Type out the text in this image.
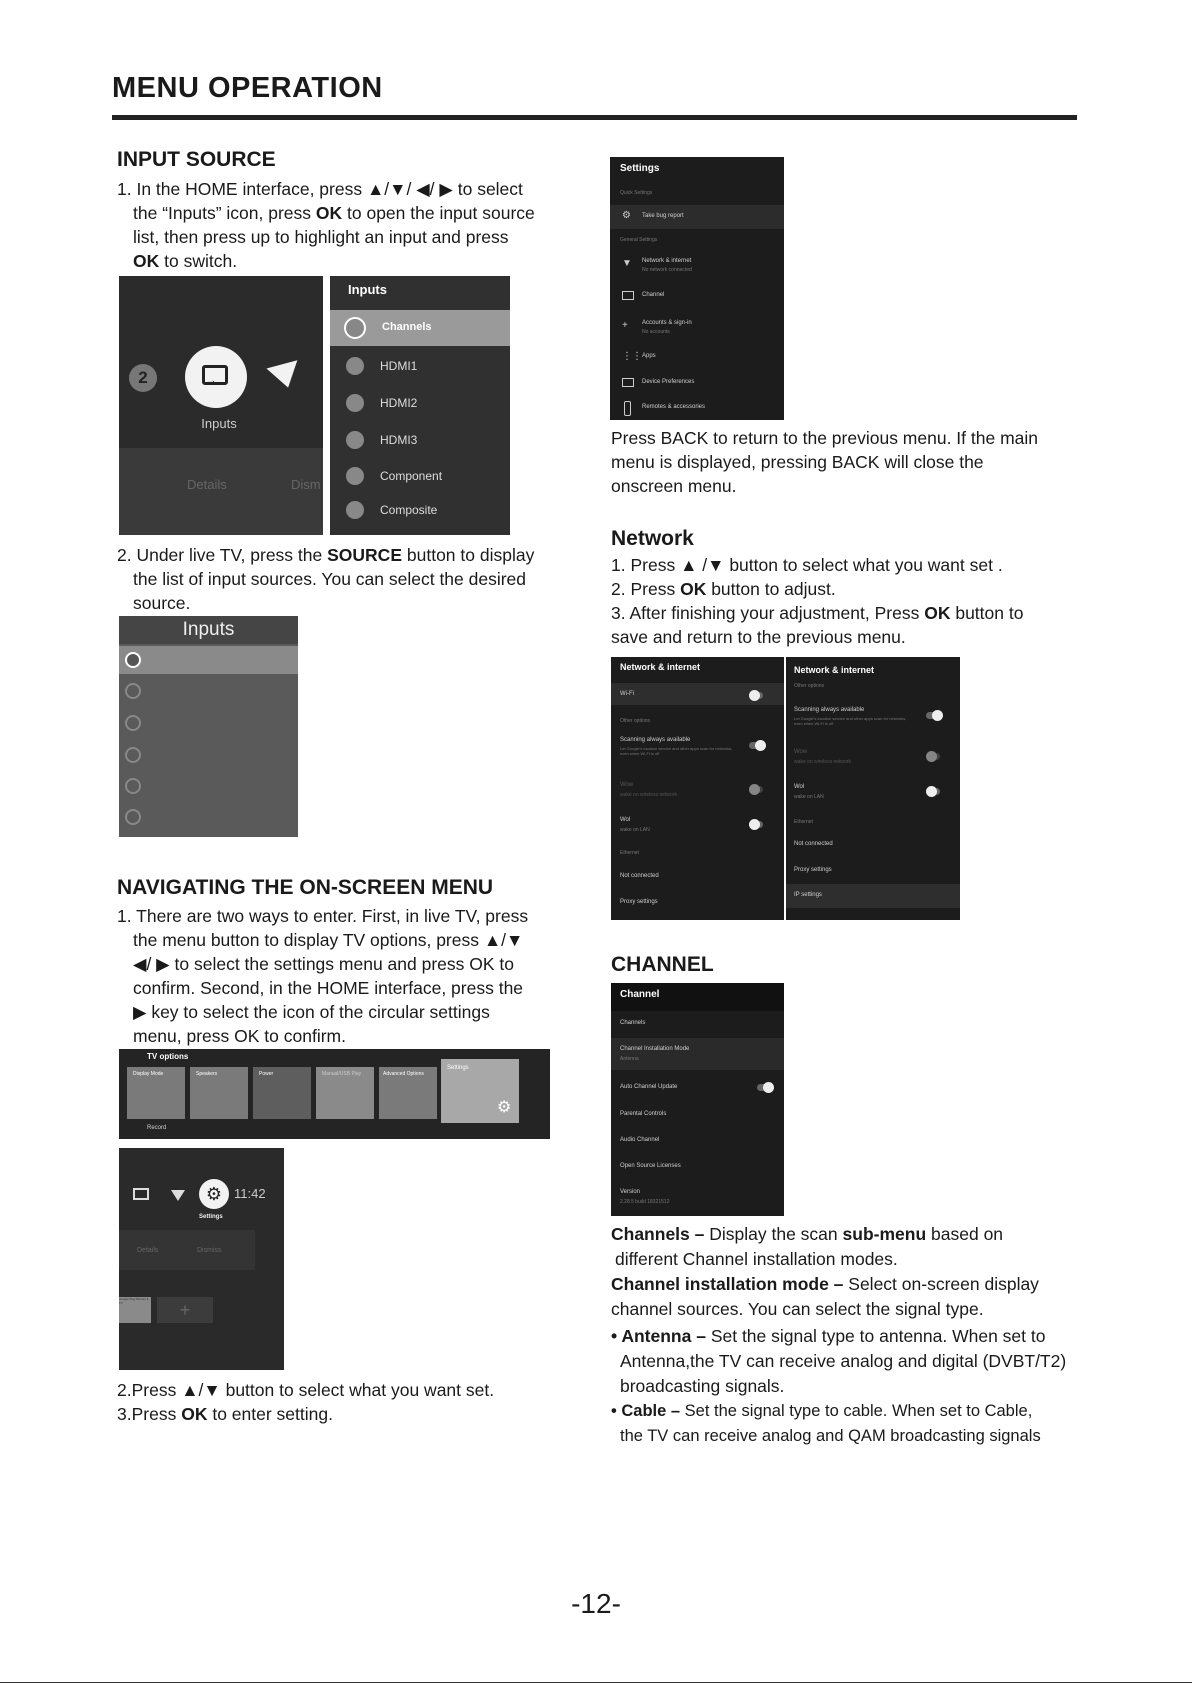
MENU OPERATION
INPUT SOURCE
1. In the HOME interface, press ▲/▼/ ◀/ ▶ to select
the “Inputs” icon, press OK to open the input source
list, then press up to highlight an input and press
OK to switch.
2	→
Inputs
Details	Dism
Inputs
Channels
HDMI1
HDMI2
HDMI3
Component
Composite
2. Under live TV, press the SOURCE button to display
the list of input sources. You can select the desired
source.
Inputs
NAVIGATING THE ON-SCREEN MENU
1. There are two ways to enter. First, in live TV, press
the menu button to display TV options, press ▲/▼
◀/ ▶ to select the settings menu and press OK to
confirm. Second, in the HOME interface, press the
▶ key to select the icon of the circular settings
menu, press OK to confirm.
TV options
Display Mode	Speakers	Power	Manual/USB Play	Advanced Options
Settings
⚙
Record
⚙ 11:42
Settings
Details	Dismiss
Google Play Movies & TV	+
2.Press ▲/▼ button to select what you want set.
3.Press OK to enter setting.
Settings
Quick Settings
⚙ Take bug report
General Settings
▼ Network & internet
No network connected
Channel
+ Accounts & sign-in
No accounts
⋮⋮ Apps
Device Preferences
Remotes & accessories
Press BACK to return to the previous menu. If the main
menu is displayed, pressing BACK will close the
onscreen menu.
Network
1. Press ▲ /▼ button to select what you want set .
2. Press OK button to adjust.
3. After finishing your adjustment, Press OK button to
save and return to the previous menu.
Network & internet
Wi-Fi
Other options
Scanning always available
Let Google's location service and other apps scan for networks, even when Wi-Fi is off
Wow
wake on wireless network
Wol
wake on LAN
Ethernet
Not connected
Proxy settings
Network & internet
Other options
Scanning always available
Let Google's location service and other apps scan for networks, even when Wi-Fi is off
Wow
wake on wireless network
Wol
wake on LAN
Ethernet
Not connected
Proxy settings
IP settings
CHANNEL
Channel
Channels
Channel Installation Mode
Antenna
Auto Channel Update
Parental Controls
Audio Channel
Open Source Licenses
Version
2.28.5 build 18321512
Channels – Display the scan sub-menu based on
different Channel installation modes.
Channel installation mode – Select on-screen display
channel sources. You can select the signal type.
• Antenna – Set the signal type to antenna. When set to
Antenna,the TV can receive analog and digital (DVBT/T2)
broadcasting signals.
• Cable – Set the signal type to cable. When set to Cable,
the TV can receive analog and QAM broadcasting signals
-12-
